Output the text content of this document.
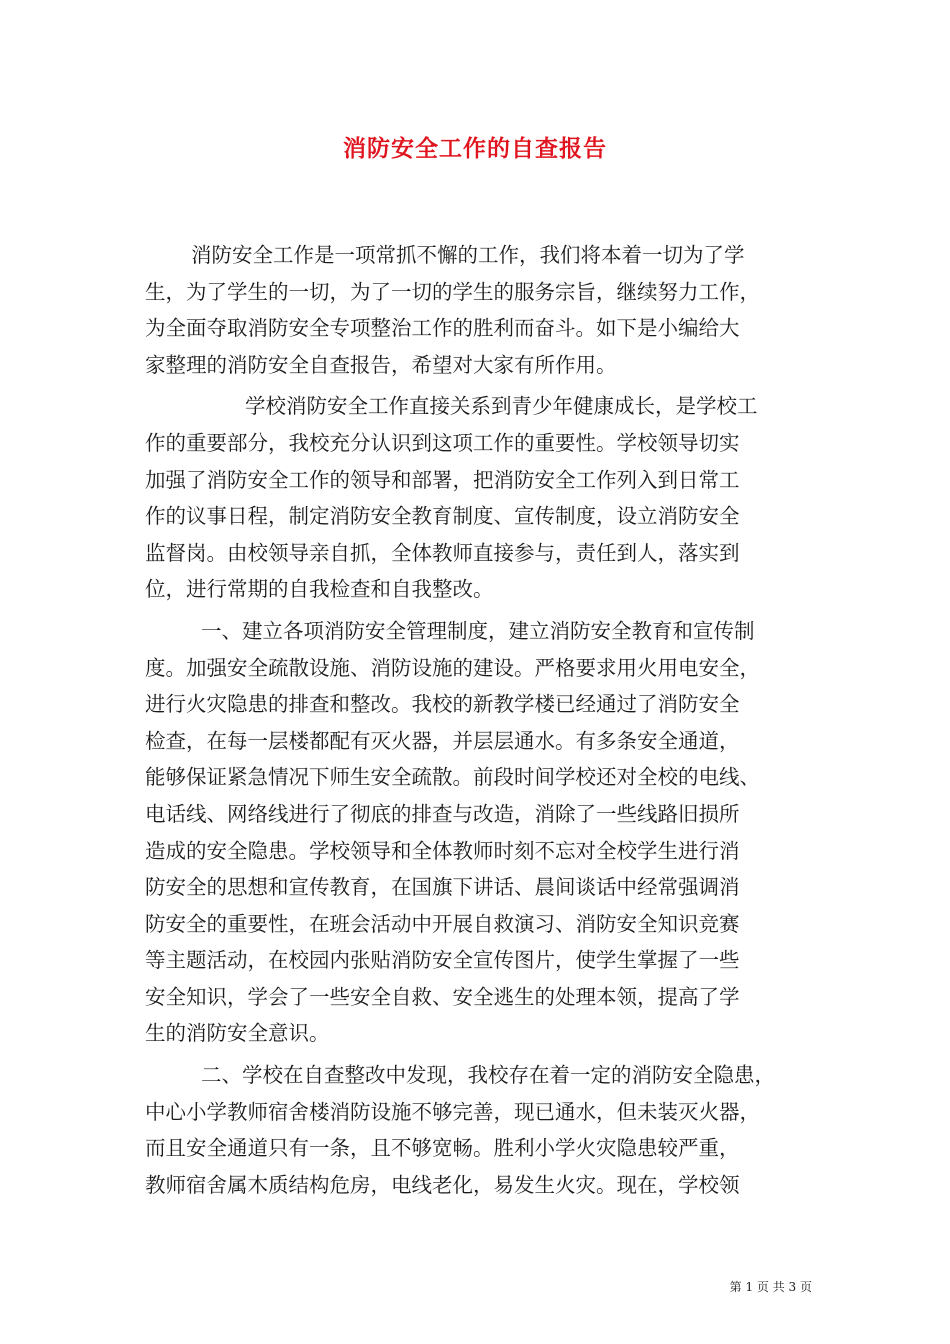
消防安全工作的自查报告
消防安全工作是一项常抓不懈的工作，我们将本着一切为了学
生，为了学生的一切，为了一切的学生的服务宗旨，继续努力工作，
为全面夺取消防安全专项整治工作的胜利而奋斗。如下是小编给大
家整理的消防安全自查报告，希望对大家有所作用。
学校消防安全工作直接关系到青少年健康成长，是学校工
作的重要部分，我校充分认识到这项工作的重要性。学校领导切实
加强了消防安全工作的领导和部署，把消防安全工作列入到日常工
作的议事日程，制定消防安全教育制度、宣传制度，设立消防安全
监督岗。由校领导亲自抓，全体教师直接参与，责任到人，落实到
位，进行常期的自我检查和自我整改。
一、建立各项消防安全管理制度，建立消防安全教育和宣传制
度。加强安全疏散设施、消防设施的建设。严格要求用火用电安全，
进行火灾隐患的排查和整改。我校的新教学楼已经通过了消防安全
检查，在每一层楼都配有灭火器，并层层通水。有多条安全通道，
能够保证紧急情况下师生安全疏散。前段时间学校还对全校的电线、
电话线、网络线进行了彻底的排查与改造，消除了一些线路旧损所
造成的安全隐患。学校领导和全体教师时刻不忘对全校学生进行消
防安全的思想和宣传教育，在国旗下讲话、晨间谈话中经常强调消
防安全的重要性，在班会活动中开展自救演习、消防安全知识竞赛
等主题活动，在校园内张贴消防安全宣传图片，使学生掌握了一些
安全知识，学会了一些安全自救、安全逃生的处理本领，提高了学
生的消防安全意识。
二、学校在自查整改中发现，我校存在着一定的消防安全隐患，
中心小学教师宿舍楼消防设施不够完善，现已通水，但未装灭火器，
而且安全通道只有一条，且不够宽畅。胜利小学火灾隐患较严重，
教师宿舍属木质结构危房，电线老化，易发生火灾。现在，学校领
第 1 页 共 3 页
